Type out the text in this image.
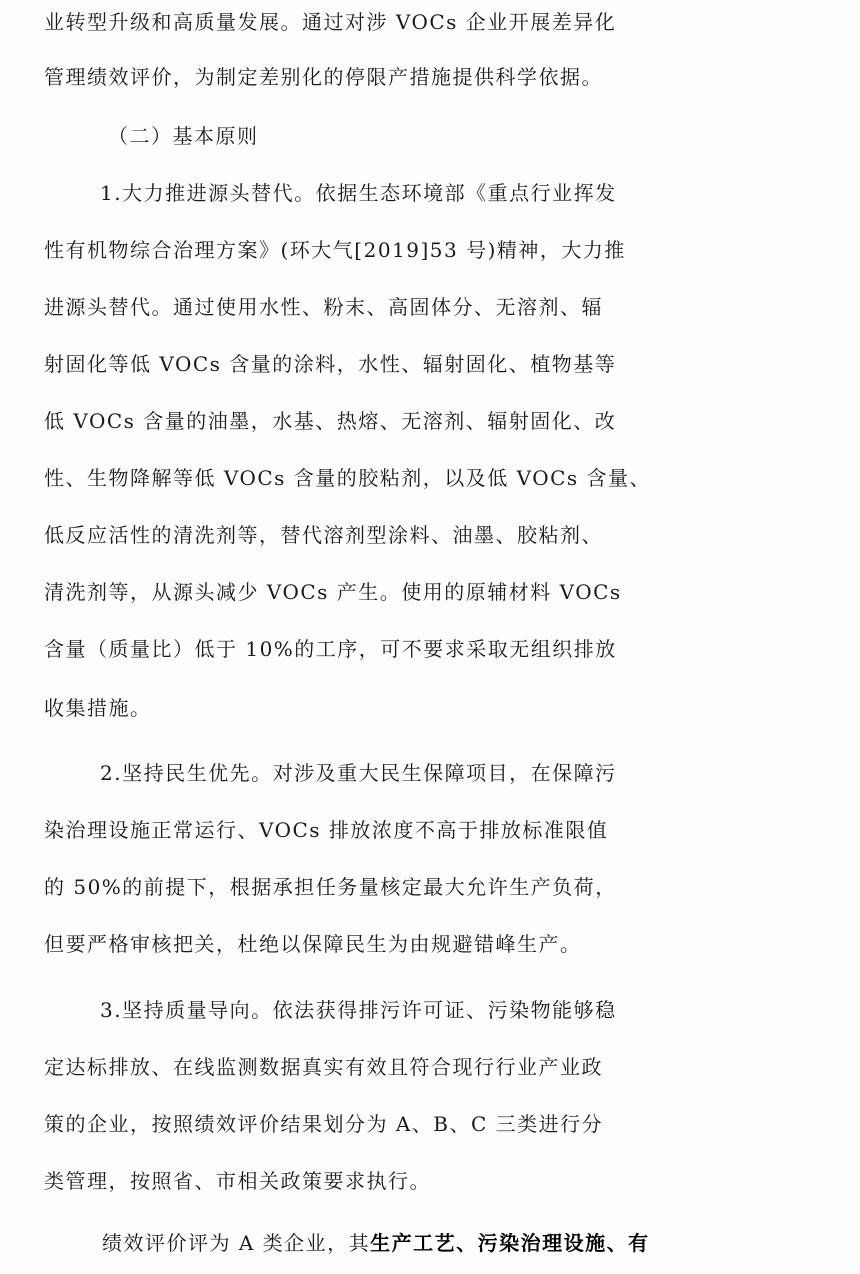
业转型升级和高质量发展。通过对涉 VOCs 企业开展差异化
管理绩效评价，为制定差别化的停限产措施提供科学依据。
（二）基本原则
1.大力推进源头替代。依据生态环境部《重点行业挥发
性有机物综合治理方案》(环大气[2019]53 号)精神，大力推
进源头替代。通过使用水性、粉末、高固体分、无溶剂、辐
射固化等低 VOCs 含量的涂料，水性、辐射固化、植物基等
低 VOCs 含量的油墨，水基、热熔、无溶剂、辐射固化、改
性、生物降解等低 VOCs 含量的胶粘剂，以及低 VOCs 含量、
低反应活性的清洗剂等，替代溶剂型涂料、油墨、胶粘剂、
清洗剂等，从源头减少 VOCs 产生。使用的原辅材料 VOCs
含量（质量比）低于 10%的工序，可不要求采取无组织排放
收集措施。
2.坚持民生优先。对涉及重大民生保障项目，在保障污
染治理设施正常运行、VOCs 排放浓度不高于排放标准限值
的 50%的前提下，根据承担任务量核定最大允许生产负荷，
但要严格审核把关，杜绝以保障民生为由规避错峰生产。
3.坚持质量导向。依法获得排污许可证、污染物能够稳
定达标排放、在线监测数据真实有效且符合现行行业产业政
策的企业，按照绩效评价结果划分为 A、B、C 三类进行分
类管理，按照省、市相关政策要求执行。
绩效评价评为 A 类企业，其生产工艺、污染治理设施、有
